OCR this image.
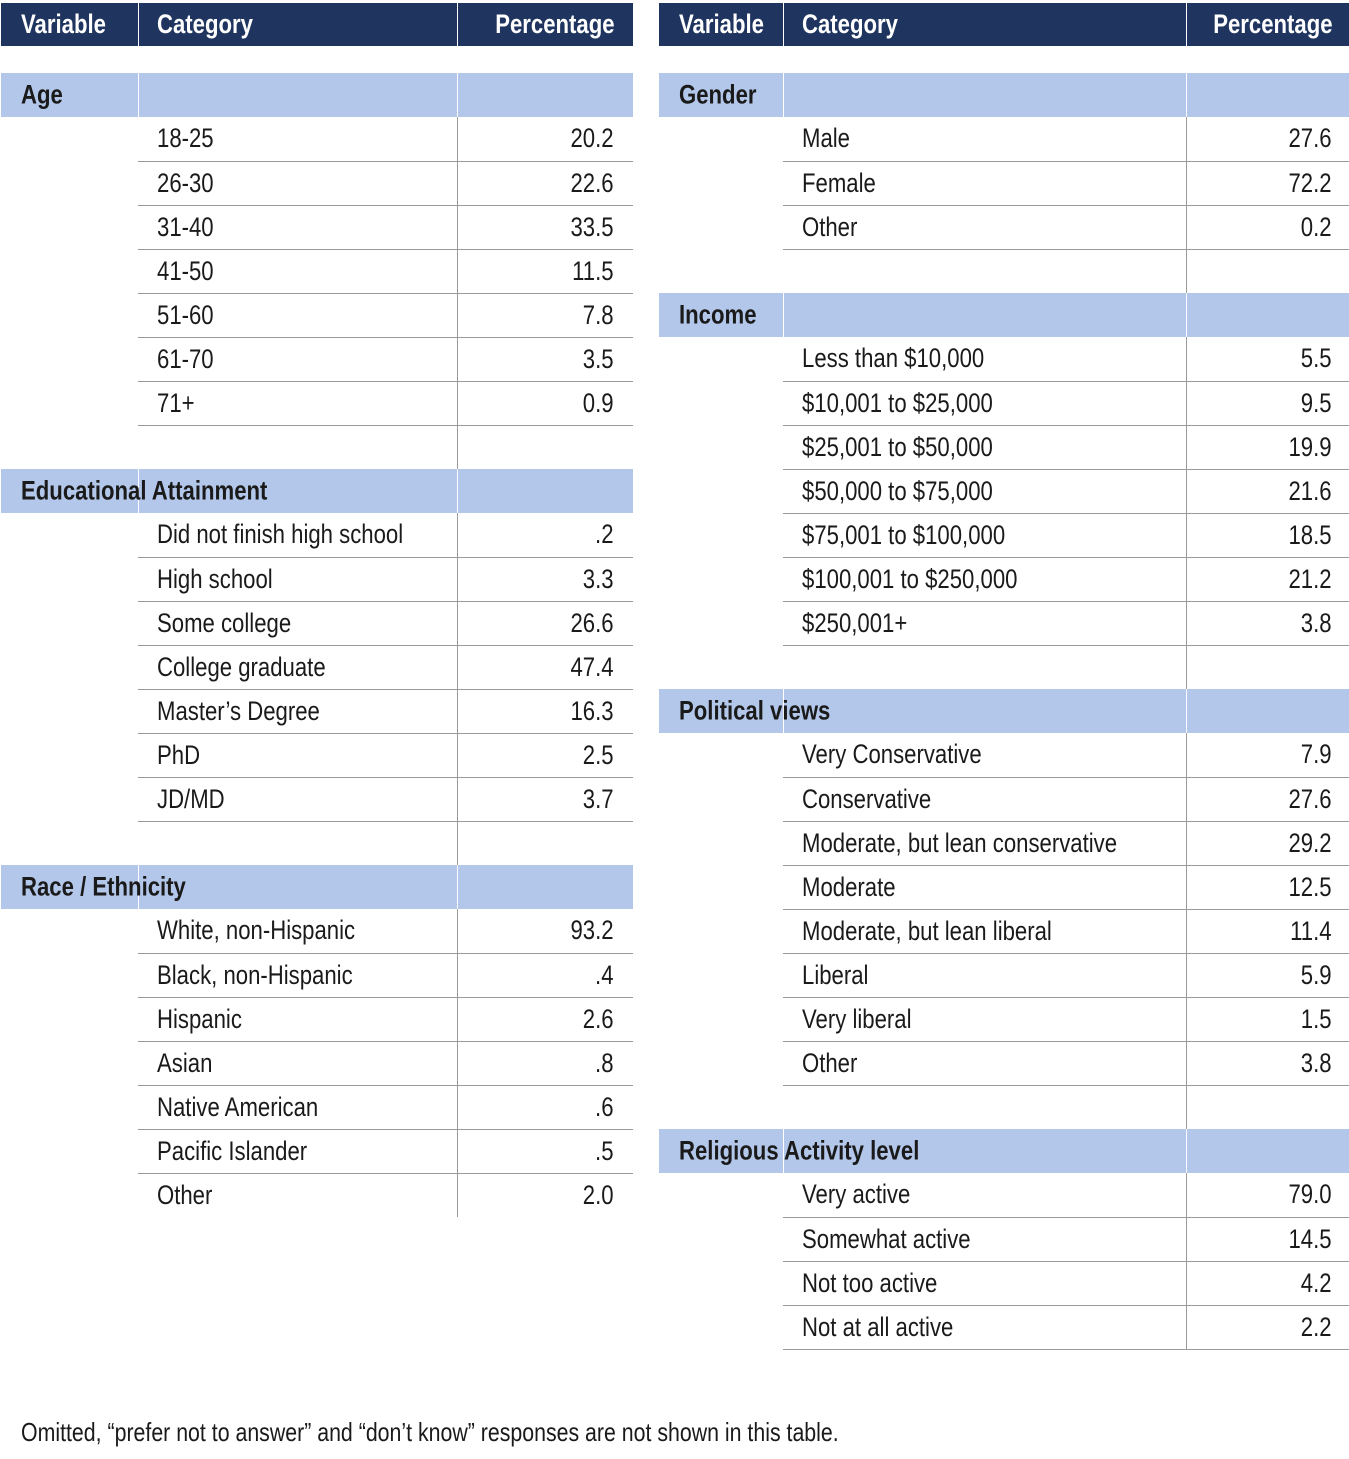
Variable	Category	Percentage

Age		

	18-25	20.2
	26-30	22.6
	31-40	33.5
	41-50	11.5
	51-60	7.8
	61-70	3.5
	71+	0.9

Educational Attainment		

	Did not finish high school	.2
	High school	3.3
	Some college	26.6
	College graduate	47.4
	Master’s Degree	16.3
	PhD	2.5
	JD/MD	3.7

Race / Ethnicity		

	White, non-Hispanic	93.2
	Black, non-Hispanic	.4
	Hispanic	2.6
	Asian	.8
	Native American	.6
	Pacific Islander	.5
	Other	2.0
Variable	Category	Percentage

Gender		

	Male	27.6
	Female	72.2
	Other	0.2

Income		

	Less than $10,000	5.5
	$10,001 to $25,000	9.5
	$25,001 to $50,000	19.9
	$50,000 to $75,000	21.6
	$75,001 to $100,000	18.5
	$100,001 to $250,000	21.2
	$250,001+	3.8

Political views		

	Very Conservative	7.9
	Conservative	27.6
	Moderate, but lean conservative	29.2
	Moderate	12.5
	Moderate, but lean liberal	11.4
	Liberal	5.9
	Very liberal	1.5
	Other	3.8

Religious Activity level		

	Very active	79.0
	Somewhat active	14.5
	Not too active	4.2
	Not at all active	2.2
Omitted, “prefer not to answer” and “don’t know” responses are not shown in this table.
